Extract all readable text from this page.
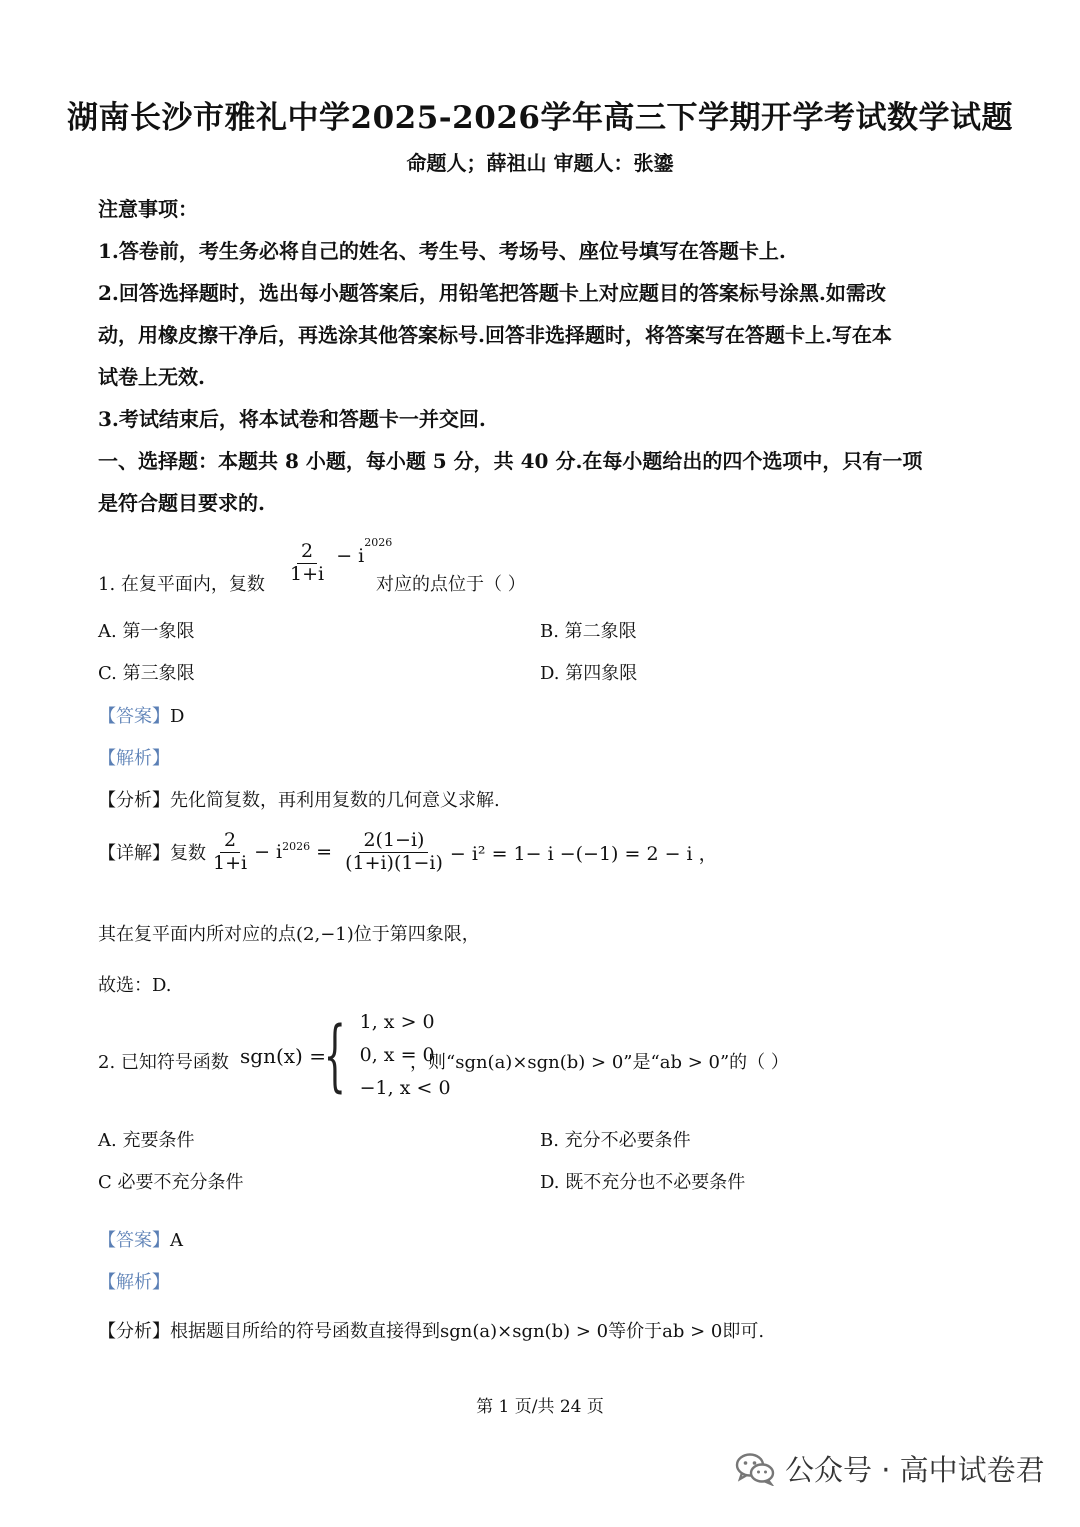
湖南长沙市雅礼中学2025-2026学年高三下学期开学考试数学试题
命题人；薛祖山 审题人：张鎏
注意事项：
1.答卷前，考生务必将自己的姓名、考生号、考场号、座位号填写在答题卡上.
2.回答选择题时，选出每小题答案后，用铅笔把答题卡上对应题目的答案标号涂黑.如需改
动，用橡皮擦干净后，再选涂其他答案标号.回答非选择题时，将答案写在答题卡上.写在本
试卷上无效.
3.考试结束后，将本试卷和答题卡一并交回.
一、选择题：本题共 8 小题，每小题 5 分，共 40 分.在每小题给出的四个选项中，只有一项
是符合题目要求的.
1. 在复平面内，复数 $\frac{2}{1+i} - i^{2026}$
对应的点位于（ ）
A. 第一象限	B. 第二象限
C. 第三象限	D. 第四象限
【答案】D
【解析】
【分析】先化简复数，再利用复数的几何意义求解.
【详解】 复数 $\frac{2}{1+i} - i^{2026} = \frac{2(1-i)}{(1+i)(1-i)} - i^2 = 1- i -(-1) = 2 - i$ ，
其在复平面内所对应的点(2,−1)位于第四象限，
故选：D.
2. 已知符号函数 sgn(x) =
{ 1, x > 0
0, x = 0
−1, x < 0
，则“sgn(a)×sgn(b) > 0”是“ab > 0”的（ ）
A. 充要条件	B. 充分不必要条件
C 必要不充分条件	D. 既不充分也不必要条件
【答案】A
【解析】
【分析】根据题目所给的符号函数直接得到sgn(a)×sgn(b) > 0等价于ab > 0即可.
第 1 页/共 24 页
公众号 · 高中试卷君
